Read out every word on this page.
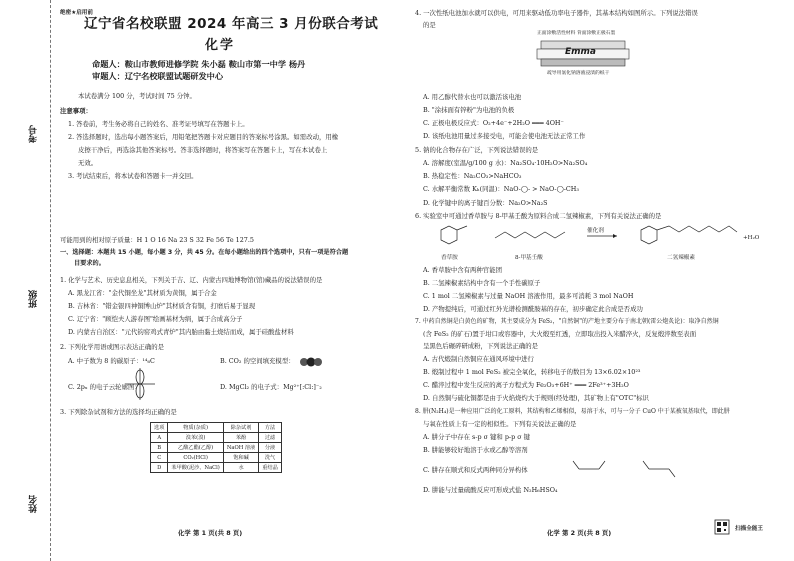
考号
班级
姓名
绝密★启用前
辽宁省名校联盟 2024 年高三 3 月份联合考试
化学
命题人：鞍山市教师进修学院 朱小磊 鞍山市第一中学 杨丹
审题人：辽宁名校联盟试题研发中心
本试卷满分 100 分，考试时间 75 分钟。
注意事项：
1. 答卷前，考生务必将自己的姓名、准考证号填写在答题卡上。
2. 答选择题时，选出每小题答案后，用铅笔把答题卡对应题目的答案标号涂黑。如需改动，用橡
皮擦干净后，再选涂其他答案标号。答非选择题时，将答案写在答题卡上，写在本试卷上
无效。
3. 考试结束后，将本试卷和答题卡一并交回。
可能用到的相对原子质量：H 1 O 16 Na 23 S 32 Fe 56 Te 127.5
一、选择题：本题共 15 小题，每小题 3 分，共 45 分。在每小题给出的四个选项中，只有一项是符合题
目要求的。
1. 化学与艺术、历史息息相关，下列关于吉、辽、内蒙古四地博物馆(馆)藏品的说法错误的是
A. 黑龙江省："金代铜坐龙"其材质为黄铜，属于合金
B. 吉林省："错金银四神铜博山炉"其材质含有铜，打磨后易于显现
C. 辽宁省："顾恺夫人游春图"绘画基材为绢，属于合成高分子
D. 内蒙古自治区："元代钧窑鸡式青炉"其内胎由黏土烧结而成，属于硅酸盐材料
2. 下列化学用语或图示表达正确的是
A. 中子数为 8 的碳原子：¹⁴₆C	B. CO₂ 的空间填充模型：
C. 2pₓ 的电子云轮廓图：	D. MgCl₂ 的电子式：Mg²⁺[:Cl:]⁻₂
3. 下列除杂试剂和方法的选择均正确的是
选项	物质(杂质)	除杂试剂	方法
A	溴苯(溴)	苯酚	过滤
B	乙酸乙酯(乙醇)	NaOH 溶液	分液
C	CO₂(HCl)	饱和碱	洗气
D	苯甲酸(泥沙、NaCl)	水	重结晶
化学 第 1 页(共 8 页)
4. 一次性纸电池加水就可以供电，可用来驱动低功率电子器件，其基本结构如图所示。下列说法错误
的是
正面涂敷活性材料 背面涂敷正极石墨
Emma
疏导用氯化钠溶液浸渍的纸干
A. 用乙醇代替水也可以激活该电池
B. "涂抹面有锌粉"为电池的负极
C. 正极电极反应式：O₂+4e⁻+2H₂O ═══ 4OH⁻
D. 该纸电池用量过多接受电，可能会使电池无法正常工作
5. 钠的化合物存在广泛，下列说法错误的是
A. 溶解度(室温/g/100 g 水)：Na₂SO₄·10H₂O>Na₂SO₄
B. 热稳定性：Na₂CO₃>NaHCO₃
C. 水解平衡常数 Kₕ(同温)：NaO-◯- > NaO-◯-CH₃
D. 化学键中的离子键百分数：Na₂O>Na₂S
6. 实验室中可通过香草胺与 8-甲基壬酸为原料合成二氢辣椒素，下列有关说法正确的是
香草胺	8-甲基壬酸	二氢辣椒素
催化剂
+H₂O
A. 香草胺中含有两种官能团
B. 二氢辣椒素结构中含有一个手性碳原子
C. 1 mol 二氢辣椒素与过量 NaOH 溶液作用，最多可消耗 3 mol NaOH
D. 产物提纯后，可通过红外光谱检测酰胺基的存在，初步确定此合成是否成功
7. 中药自然铜是白黄色的矿物，其主要成分为 FeS₂，"自然铜"的产地主要分布于南北朝(雷公炮炙论)：取净自然铜
(含 FeS₂ 的矿石)置于坩口或容器中，大火煅至红透，立即取出投入米醋淬火，反复煅淬数至表面
呈黑色后碾碎研成粉，下列说法正确的是
A. 古代煅制自然铜应在通风环境中进行
B. 煅制过程中 1 mol FeS₂ 被完全氧化，转移电子的数目为 13×6.02×10²³
C. 醋淬过程中发生反应的离子方程式为 Fe₂O₃+6H⁺ ═══ 2Fe³⁺+3H₂O
D. 自然铜与硫化铜都是由于火焰烧灼大于规则(经处理)，其矿物上有"OTC"标识
8. 肼(N₂H₄)是一种应用广泛的化工原料，其结构和乙烯相似，易溶于水，可与一分子 CuO 中于某被氧基取代，即此肼
与氧在性质上有一定的相似性。下列有关说法正确的是
A. 肼分子中存在 s-p σ 键和 p-p σ 键
B. 肼能够较好地溶于水或乙醇等溶剂
C. 肼存在顺式和反式两种同分异构体
D. 肼能与过量硫酸反应可形成式盐 N₂H₆HSO₄
化学 第 2 页(共 8 页)	扫描全能王
